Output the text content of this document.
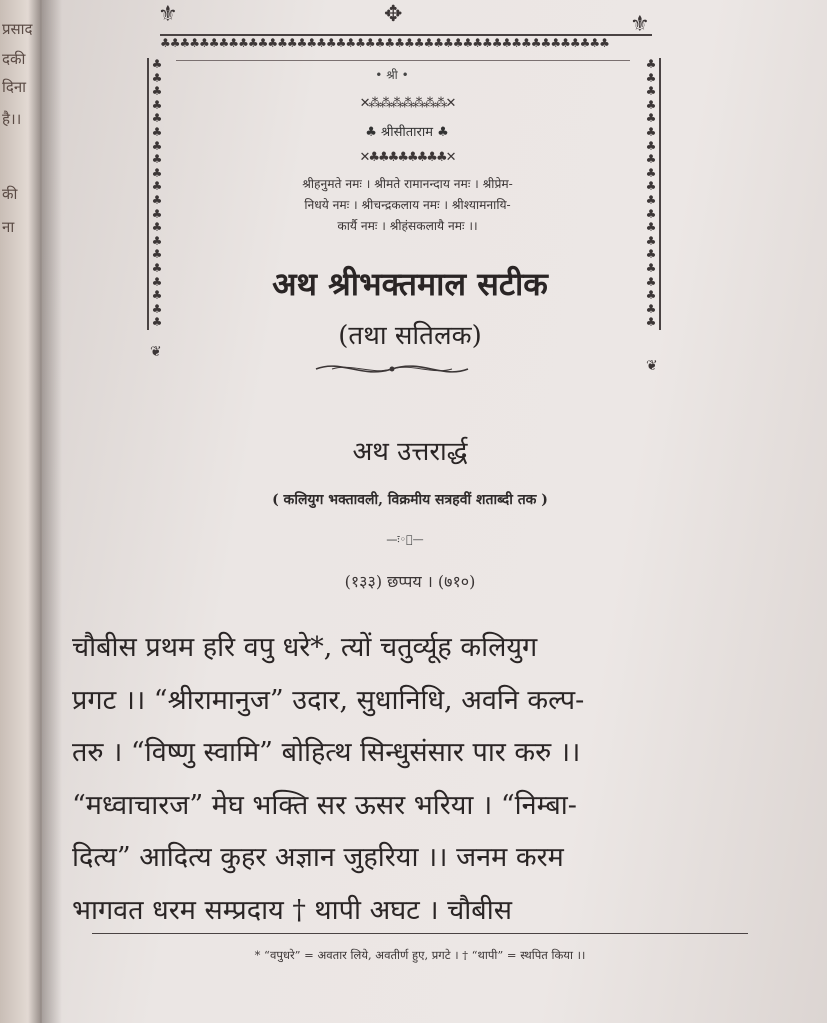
प्रसाद
दकी
दिना
है।।
की
ना
✥
⚜	⚜
♣♣♣♣♣♣♣♣♣♣♣♣♣♣♣♣♣♣♣♣♣♣♣♣♣♣♣♣♣♣♣♣♣♣♣♣♣♣♣♣♣♣♣♣♣♣
♣
♣
♣
♣
♣
♣
♣
♣
♣
♣
♣
♣
♣
♣
♣
♣
♣
♣
♣
♣
♣
♣
♣
♣
♣
♣
♣
♣
♣
♣
♣
♣
♣
♣
♣
♣
♣
♣
♣
♣
❦
❦
• श्री •
✕⁂⁂⁂⁂⁂⁂⁂✕
♣ श्रीसीताराम ♣
✕♣♣♣♣♣♣♣♣✕
श्रीहनुमते नमः । श्रीमते रामानन्दाय नमः । श्रीप्रेम-
निधये नमः । श्रीचन्द्रकलाय नमः । श्रीश्यामनायि-
कार्यै नमः । श्रीहंसकलायै नमः ।।
अथ श्रीभक्तमाल सटीक
(तथा सतिलक)
अथ उत्तरार्द्ध
( कलियुग भक्तावली, विक्रमीय सत्रहवीं शताब्दी तक )
—ः◦ः—
(१३३) छप्पय । (७१०)
चौबीस प्रथम हरि वपु धरे*, त्यों चतुर्व्यूह कलियुग
प्रगट ।। “श्रीरामानुज” उदार, सुधानिधि, अवनि कल्प-
तरु । “विष्णु स्वामि” बोहित्थ सिन्धुसंसार पार करु ।।
“मध्वाचारज” मेघ भक्ति सर ऊसर भरिया । “निम्बा-
दित्य” आदित्य कुहर अज्ञान जुहरिया ।। जनम करम
भागवत धरम सम्प्रदाय † थापी अघट । चौबीस
* “वपुधरे” = अवतार लिये, अवतीर्ण हुए, प्रगटे । † “थापी” = स्थपित किया ।।
